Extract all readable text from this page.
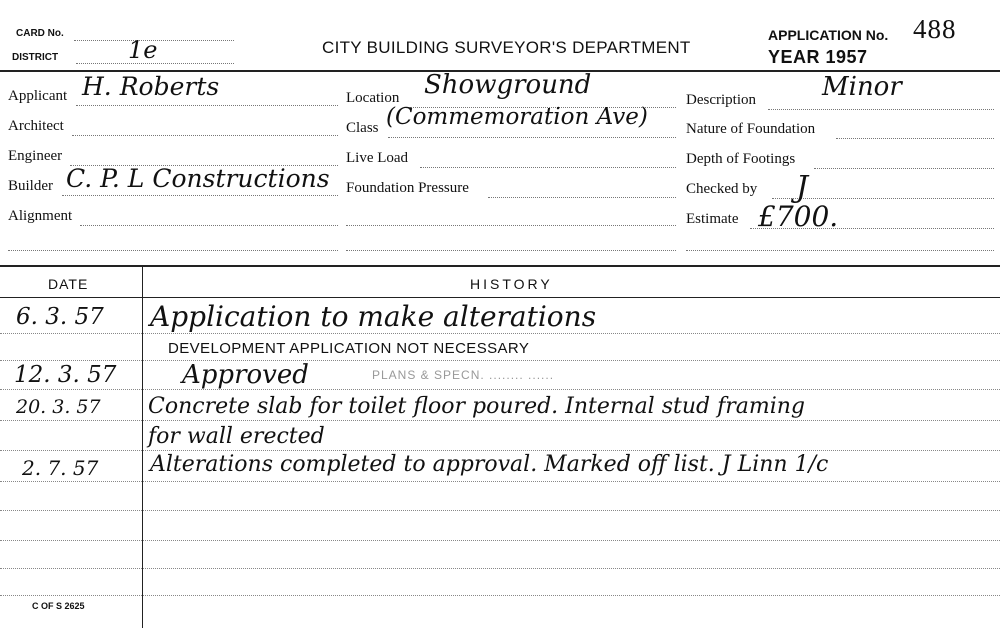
CARD No.
DISTRICT	1e	CITY BUILDING SURVEYOR'S DEPARTMENT
APPLICATION No. 488
YEAR 1957
Applicant H. Roberts
Architect
Engineer
Builder C. P. L Constructions
Alignment
Location Showground
Class (Commemoration Ave)
Live Load
Foundation Pressure
Description	Minor
Nature of Foundation
Depth of Footings
Checked by J
Estimate £700.
DATE	HISTORY
6. 3. 57 Application to make alterations
DEVELOPMENT APPLICATION NOT NECESSARY
12. 3. 57	Approved	PLANS & SPECN. ........ ......
20. 3. 57 Concrete slab for toilet floor poured. Internal stud framing
for wall erected
2. 7. 57 Alterations completed to approval. Marked off list. J Linn 1/c
C OF S 2625
